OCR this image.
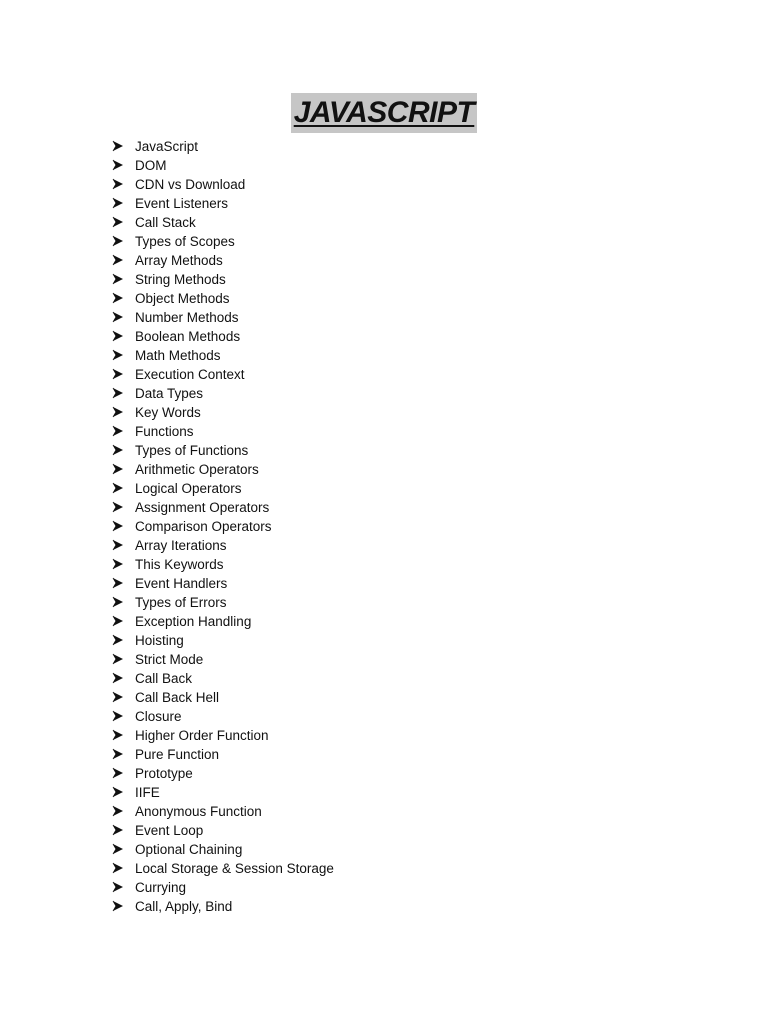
JAVASCRIPT
JavaScript
DOM
CDN vs Download
Event Listeners
Call Stack
Types of Scopes
Array Methods
String Methods
Object Methods
Number Methods
Boolean Methods
Math Methods
Execution Context
Data Types
Key Words
Functions
Types of Functions
Arithmetic Operators
Logical Operators
Assignment Operators
Comparison Operators
Array Iterations
This Keywords
Event Handlers
Types of Errors
Exception Handling
Hoisting
Strict Mode
Call Back
Call Back Hell
Closure
Higher Order Function
Pure Function
Prototype
IIFE
Anonymous Function
Event Loop
Optional Chaining
Local Storage & Session Storage
Currying
Call, Apply, Bind
